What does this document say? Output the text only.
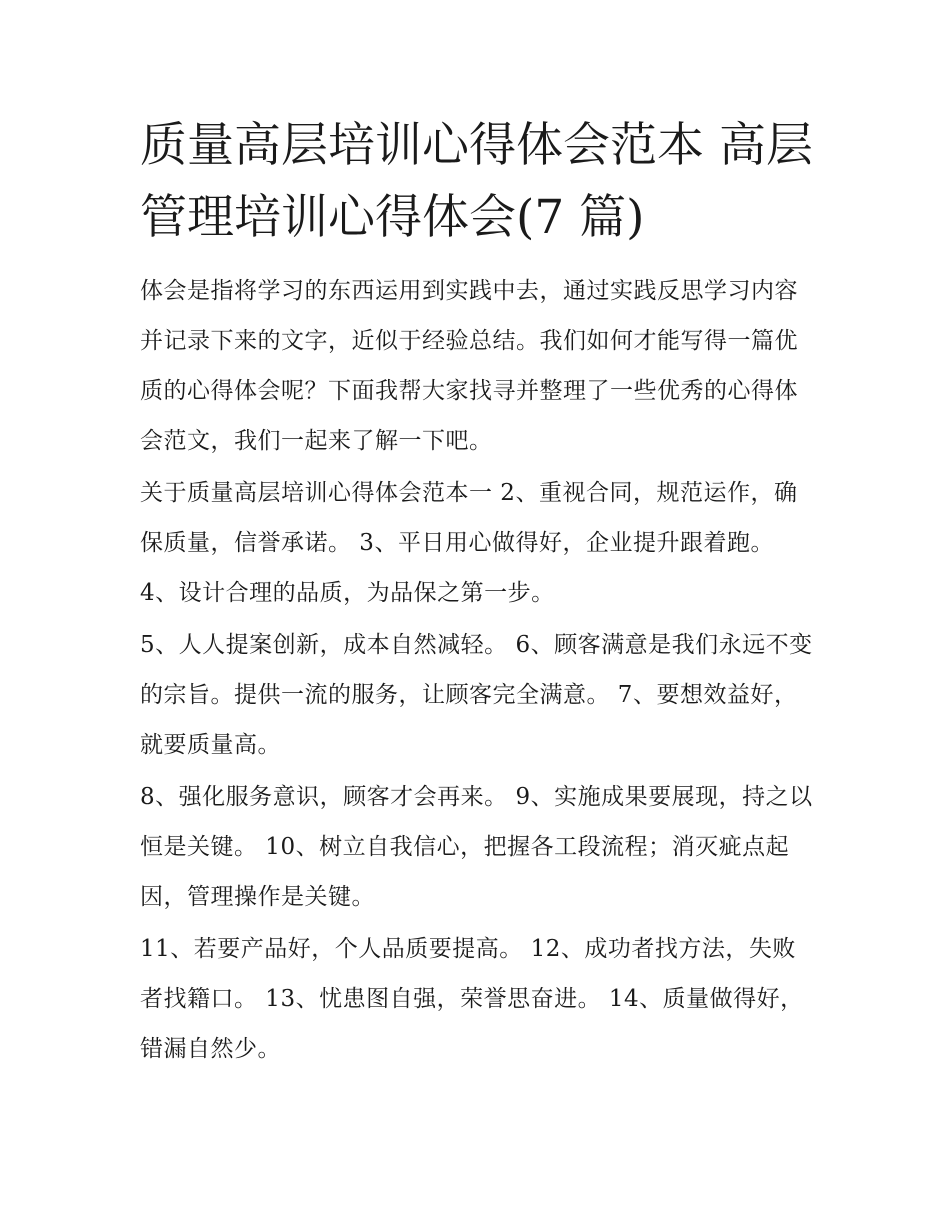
质量高层培训心得体会范本 高层管理培训心得体会(7 篇)

体会是指将学习的东西运用到实践中去，通过实践反思学习内容并记录下来的文字，近似于经验总结。我们如何才能写得一篇优质的心得体会呢？下面我帮大家找寻并整理了一些优秀的心得体会范文，我们一起来了解一下吧。

关于质量高层培训心得体会范本一 2、重视合同，规范运作，确保质量，信誉承诺。 3、平日用心做得好，企业提升跟着跑。 4、设计合理的品质，为品保之第一步。

5、人人提案创新，成本自然减轻。 6、顾客满意是我们永远不变的宗旨。提供一流的服务，让顾客完全满意。 7、要想效益好，就要质量高。

8、强化服务意识，顾客才会再来。 9、实施成果要展现，持之以恒是关键。 10、树立自我信心，把握各工段流程；消灭疵点起因，管理操作是关键。

11、若要产品好，个人品质要提高。 12、成功者找方法，失败者找籍口。 13、忧患图自强，荣誉思奋进。 14、质量做得好，错漏自然少。
